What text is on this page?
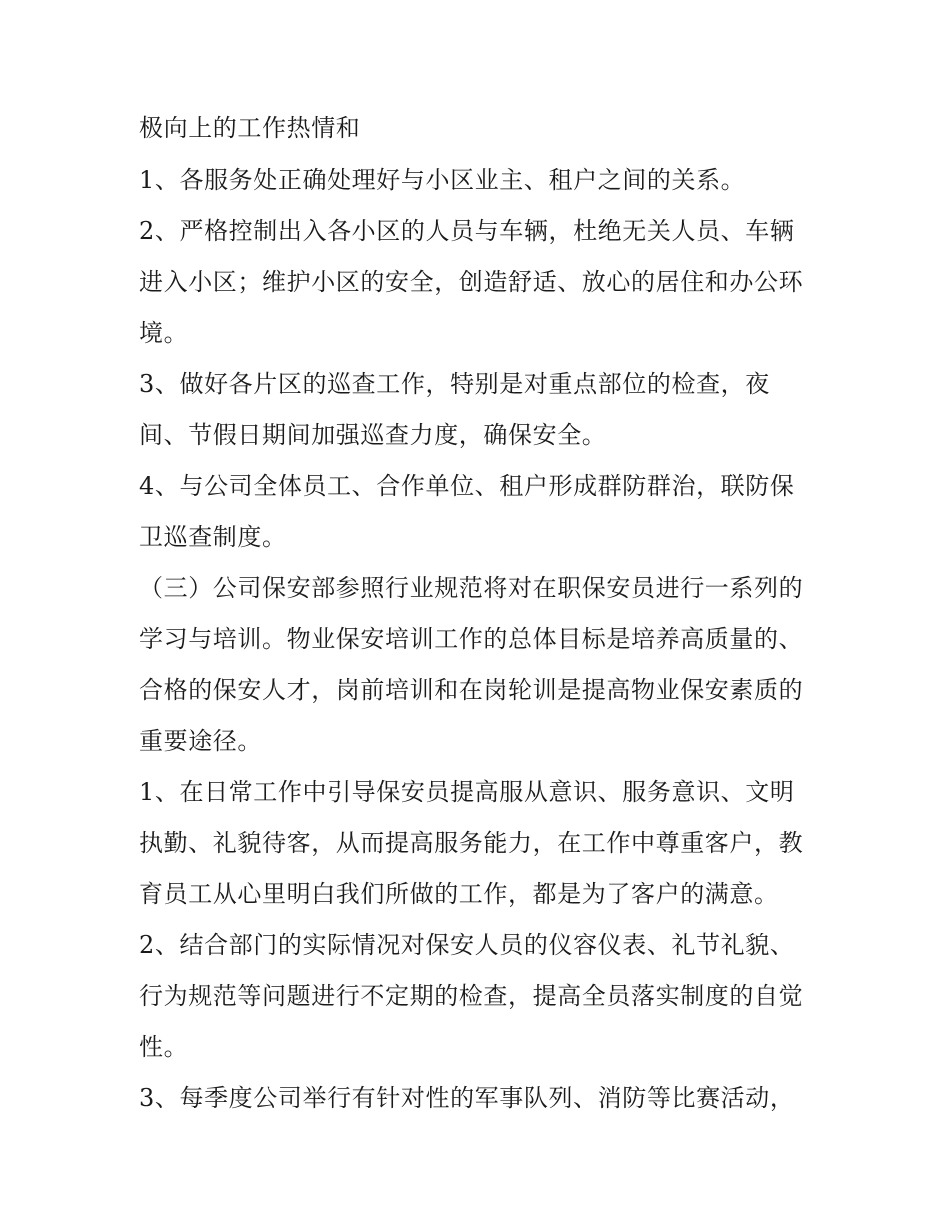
极向上的工作热情和
1、各服务处正确处理好与小区业主、租户之间的关系。
2、严格控制出入各小区的人员与车辆，杜绝无关人员、车辆
进入小区；维护小区的安全，创造舒适、放心的居住和办公环
境。
3、做好各片区的巡查工作，特别是对重点部位的检查，夜
间、节假日期间加强巡查力度，确保安全。
4、与公司全体员工、合作单位、租户形成群防群治，联防保
卫巡查制度。
（三）公司保安部参照行业规范将对在职保安员进行一系列的
学习与培训。物业保安培训工作的总体目标是培养高质量的、
合格的保安人才，岗前培训和在岗轮训是提高物业保安素质的
重要途径。
1、在日常工作中引导保安员提高服从意识、服务意识、文明
执勤、礼貌待客，从而提高服务能力，在工作中尊重客户，教
育员工从心里明白我们所做的工作，都是为了客户的满意。
2、结合部门的实际情况对保安人员的仪容仪表、礼节礼貌、
行为规范等问题进行不定期的检查，提高全员落实制度的自觉
性。
3、每季度公司举行有针对性的军事队列、消防等比赛活动，
